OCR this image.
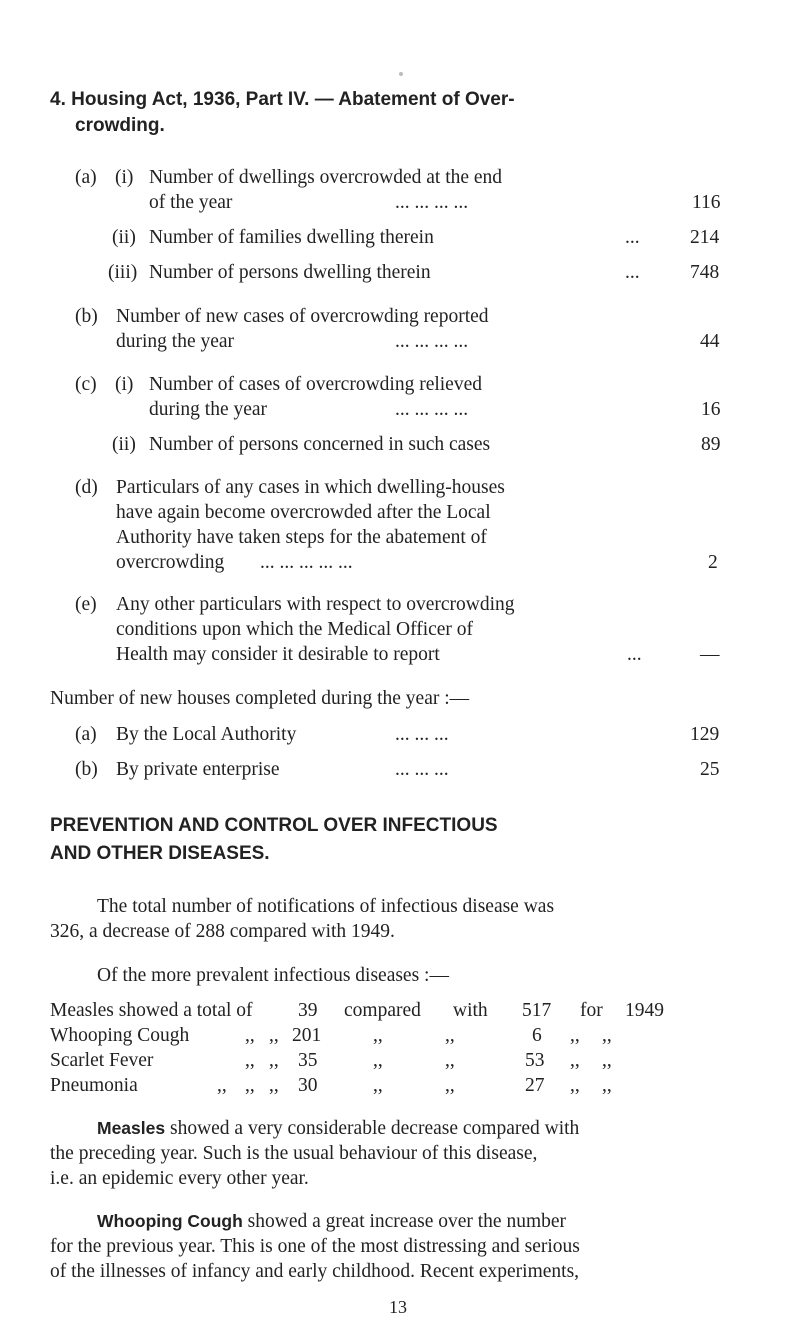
4. Housing Act, 1936, Part IV. — Abatement of Over-
crowding.
(a) (i) Number of dwellings overcrowded at the end
of the year	... ... ... ...	116
(ii) Number of families dwelling therein	...	214
(iii) Number of persons dwelling therein	...	748
(b) Number of new cases of overcrowding reported
during the year	... ... ... ...	44
(c) (i) Number of cases of overcrowding relieved
during the year	... ... ... ...	16
(ii) Number of persons concerned in such cases	89
(d) Particulars of any cases in which dwelling-houses
have again become overcrowded after the Local
Authority have taken steps for the abatement of
overcrowding ... ... ... ... ...	2
(e) Any other particulars with respect to overcrowding
conditions upon which the Medical Officer of
Health may consider it desirable to report	...	—
Number of new houses completed during the year :—
(a) By the Local Authority	... ... ...	129
(b) By private enterprise	... ... ...	25
PREVENTION AND CONTROL OVER INFECTIOUS
AND OTHER DISEASES.
The total number of notifications of infectious disease was
326, a decrease of 288 compared with 1949.
Of the more prevalent infectious diseases :—
Measles showed a total of 39 compared with 517 for 1949
Whooping Cough	,, ,, 201	,,	,,	6 ,, ,,
Scarlet Fever	,, ,, 35	,,	,,	53 ,, ,,
Pneumonia	,, ,, ,, 30	,,	,,	27 ,, ,,
Measles showed a very considerable decrease compared with
the preceding year. Such is the usual behaviour of this disease,
i.e. an epidemic every other year.
Whooping Cough showed a great increase over the number
for the previous year. This is one of the most distressing and serious
of the illnesses of infancy and early childhood. Recent experiments,
13
